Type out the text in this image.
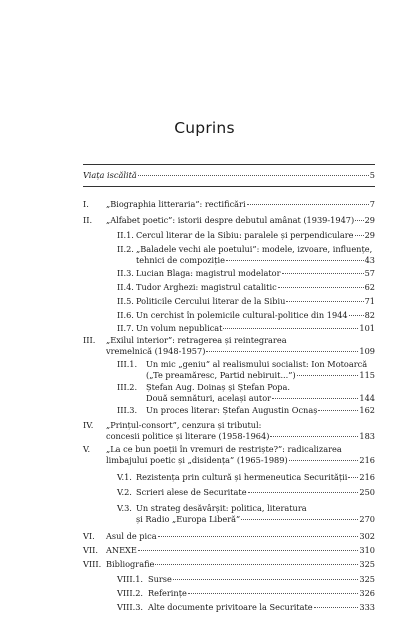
Cuprins
Viața iscălită	5
I.	„Biographia litteraria”: rectificări	7
II.	„Alfabet poetic”: istorii despre debutul amânat (1939-1947) 29
II.1. Cercul literar de la Sibiu: paralele și perpendiculare 29
II.2. „Baladele vechi ale poetului”: modele, izvoare, influențe,
tehnici de compoziție	43
II.3. Lucian Blaga: magistrul modelator	57
II.4. Tudor Arghezi: magistrul catalitic	62
II.5. Politicile Cercului literar de la Sibiu	71
II.6. Un cerchist în polemicile cultural-politice din 1944 82
II.7. Un volum nepublicat	101
III.	„Exilul interior”: retragerea și reintegrarea
vremelnică (1948-1957)	109
III.1.	Un mic „geniu” al realismului socialist: Ion Motoarcă
(„Te preamăresc, Partid nebiruit...”)	115
III.2.	Ștefan Aug. Doinaș și Ștefan Popa.
Două semnături, același autor	144
III.3.	Un proces literar: Ștefan Augustin Ocnaș	162
IV.	„Prințul-consort”, cenzura și tributul:
concesii politice și literare (1958-1964)	183
V.	„La ce bun poeții în vremuri de restriște?”: radicalizarea
limbajului poetic și „disidența” (1965-1989)	216
V.1. Rezistența prin cultură și hermeneutica Securității 216
V.2. Scrieri alese de Securitate	250
V.3. Un strateg desăvârșit: politica, literatura
și Radio „Europa Liberă”	270
VI.	Asul de pica	302
VII. ANEXE	310
VIII. Bibliografie	325
VIII.1. Surse	325
VIII.2. Referințe	326
VIII.3. Alte documente privitoare la Securitate	333
